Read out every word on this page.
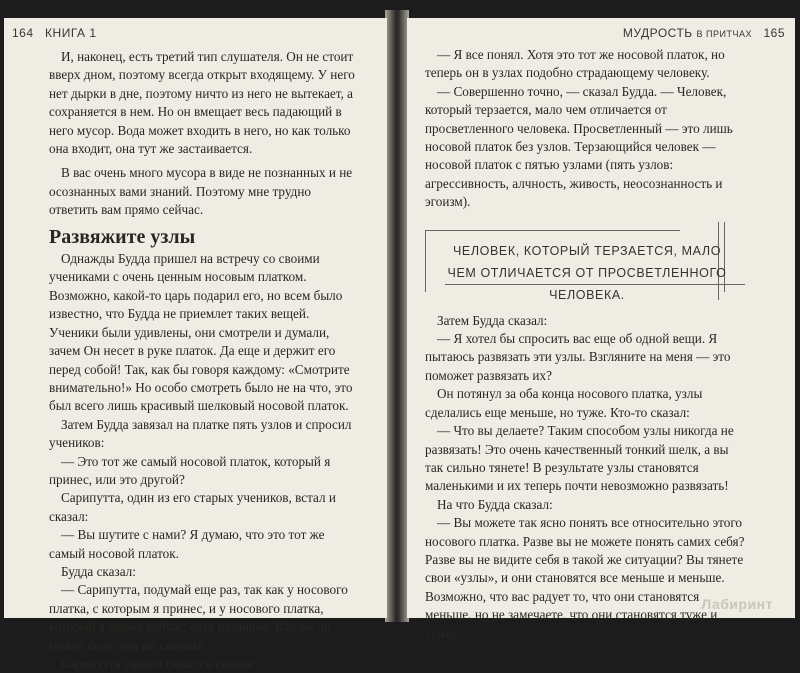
164 КНИГА 1

И, наконец, есть третий тип слушателя. Он не стоит вверх дном, поэтому всегда открыт входящему. У него нет дырки в дне, поэтому ничто из него не вытекает, а сохраняется в нем. Но он вмещает весь падающий в него мусор. Вода может входить в него, но как только она входит, она тут же застаивается.

В вас очень много мусора в виде не познанных и не осознанных вами знаний. Поэтому мне трудно ответить вам прямо сейчас.

Развяжите узлы

Однажды Будда пришел на встречу со своими учениками с очень ценным носовым платком. Возможно, какой-то царь подарил его, но всем было известно, что Будда не приемлет таких вещей. Ученики были удивлены, они смотрели и думали, зачем Он несет в руке платок. Да еще и держит его перед собой! Так, как бы говоря каждому: «Смотрите внимательно!» Но особо смотреть было не на что, это был всего лишь красивый шелковый носовой платок.

Затем Будда завязал на платке пять узлов и спросил учеников:

— Это тот же самый носовой платок, который я принес, или это другой?

Сарипутта, один из его старых учеников, встал и сказал:

— Вы шутите с нами? Я думаю, что это тот же самый носовой платок.

Будда сказал:

— Сарипутта, подумай еще раз, так как у носового платка, с которым я принес, и у носового платка, который я держу сейчас, есть различие. Как же он может быть тем же самым?

Сарипутта увидел смысл и сказал:

МУДРОСТЬ В ПРИТЧАХ 165

— Я все понял. Хотя это тот же носовой платок, но теперь он в узлах подобно страдающему человеку.

— Совершенно точно, — сказал Будда. — Человек, который терзается, мало чем отличается от просветленного человека. Просветленный — это лишь носовой платок без узлов. Терзающийся человек — носовой платок с пятью узлами (пять узлов: агрессивность, алчность, живость, неосознанность и эгоизм).

ЧЕЛОВЕК, КОТОРЫЙ ТЕРЗАЕТСЯ, МАЛО ЧЕМ ОТЛИЧАЕТСЯ ОТ ПРОСВЕТЛЕННОГО ЧЕЛОВЕКА.

Затем Будда сказал:

— Я хотел бы спросить вас еще об одной вещи. Я пытаюсь развязать эти узлы. Взгляните на меня — это поможет развязать их?

Он потянул за оба конца носового платка, узлы сделались еще меньше, но туже. Кто-то сказал:

— Что вы делаете? Таким способом узлы никогда не развязать! Это очень качественный тонкий шелк, а вы так сильно тянете! В результате узлы становятся маленькими и их теперь почти невозможно развязать!

На что Будда сказал:

— Вы можете так ясно понять все относительно этого носового платка. Разве вы не можете понять самих себя? Разве вы не видите себя в такой же ситуации? Вы тянете свои «узлы», и они становятся все меньше и меньше. Возможно, что вас радует то, что они становятся меньше, но не замечаете, что они становятся туже и туже?

Лабиринт
